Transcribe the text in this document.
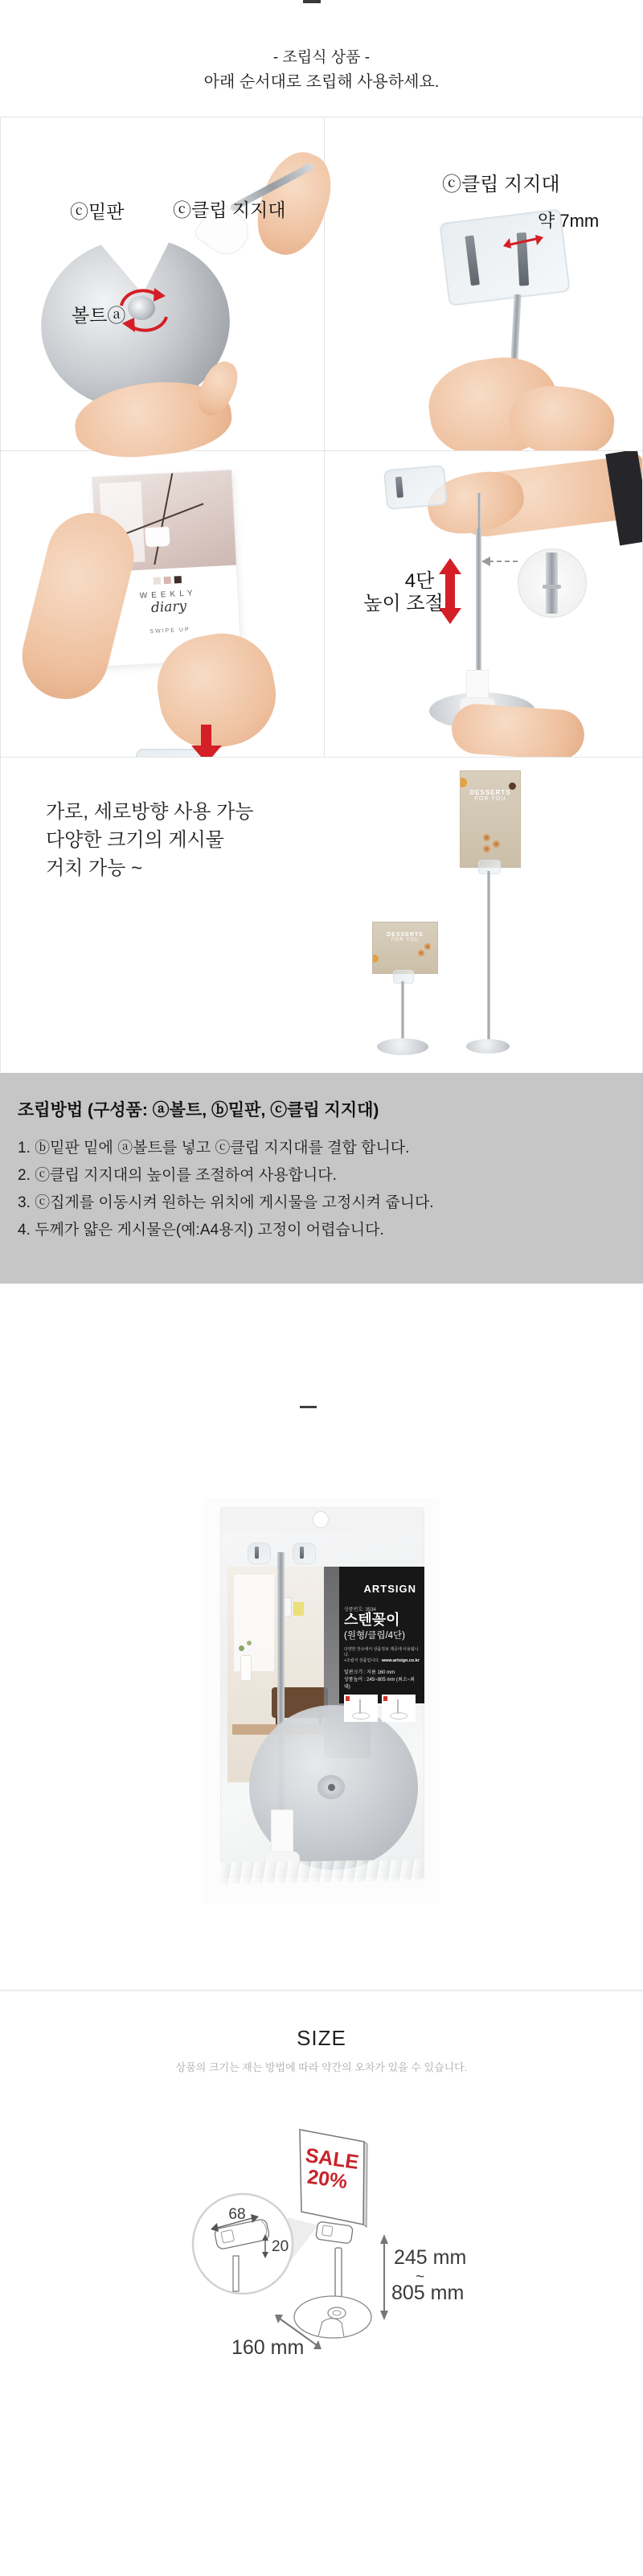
- 조립식 상품 -
아래 순서대로 조립해 사용하세요.
ⓒ밑판	ⓒ클립 지지대
볼트ⓐ
ⓒ클립 지지대
약 7mm
WEEKLY
diary
SWIPE UP
4단
높이 조절
가로, 세로방향 사용 가능
다양한 크기의 게시물
거치 가능 ~
DESSERTS
FOR YOU
DESSERTS
FOR YOU
조립방법 (구성품: ⓐ볼트, ⓑ밑판, ⓒ클립 지지대)
1. ⓑ밑판 밑에 ⓐ볼트를 넣고 ⓒ클립 지지대를 결합 합니다.
2. ⓒ클립 지지대의 높이를 조절하여 사용합니다.
3. ⓒ집게를 이동시켜 원하는 위치에 게시물을 고정시켜 줍니다.
4. 두께가 얇은 게시물은(예:A4용지) 고정이 어렵습니다.
ARTSIGN
상품번호: 3534
스텐꽂이
(원형/클립/4단)
다양한 장소에서 상품정보 제공에 사용됩니다.
+조립식 상품입니다. www.artsign.co.kr
밑판크기 : 지름 160 mm
상품높이 : 245~805 mm (최소~최대)
SIZE
상품의 크기는 재는 방법에 따라 약간의 오차가 있을 수 있습니다.
SALE
20%
68
20	245 mm
~
805 mm
160 mm
